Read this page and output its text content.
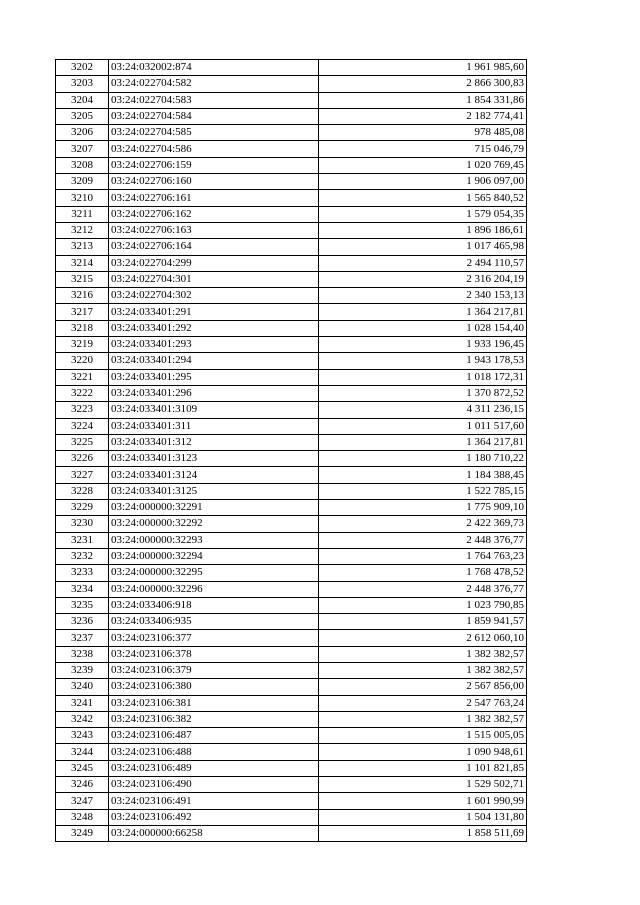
3202	03:24:032002:874	1 961 985,60
3203	03:24:022704:582	2 866 300,83
3204	03:24:022704:583	1 854 331,86
3205	03:24:022704:584	2 182 774,41
3206	03:24:022704:585	978 485,08
3207	03:24:022704:586	715 046,79
3208	03:24:022706:159	1 020 769,45
3209	03:24:022706:160	1 906 097,00
3210	03:24:022706:161	1 565 840,52
3211	03:24:022706:162	1 579 054,35
3212	03:24:022706:163	1 896 186,61
3213	03:24:022706:164	1 017 465,98
3214	03:24:022704:299	2 494 110,57
3215	03:24:022704:301	2 316 204,19
3216	03:24:022704:302	2 340 153,13
3217	03:24:033401:291	1 364 217,81
3218	03:24:033401:292	1 028 154,40
3219	03:24:033401:293	1 933 196,45
3220	03:24:033401:294	1 943 178,53
3221	03:24:033401:295	1 018 172,31
3222	03:24:033401:296	1 370 872,52
3223	03:24:033401:3109	4 311 236,15
3224	03:24:033401:311	1 011 517,60
3225	03:24:033401:312	1 364 217,81
3226	03:24:033401:3123	1 180 710,22
3227	03:24:033401:3124	1 184 388,45
3228	03:24:033401:3125	1 522 785,15
3229	03:24:000000:32291	1 775 909,10
3230	03:24:000000:32292	2 422 369,73
3231	03:24:000000:32293	2 448 376,77
3232	03:24:000000:32294	1 764 763,23
3233	03:24:000000:32295	1 768 478,52
3234	03:24:000000:32296	2 448 376,77
3235	03:24:033406:918	1 023 790,85
3236	03:24:033406:935	1 859 941,57
3237	03:24:023106:377	2 612 060,10
3238	03:24:023106:378	1 382 382,57
3239	03:24:023106:379	1 382 382,57
3240	03:24:023106:380	2 567 856,00
3241	03:24:023106:381	2 547 763,24
3242	03:24:023106:382	1 382 382,57
3243	03:24:023106:487	1 515 005,05
3244	03:24:023106:488	1 090 948,61
3245	03:24:023106:489	1 101 821,85
3246	03:24:023106:490	1 529 502,71
3247	03:24:023106:491	1 601 990,99
3248	03:24:023106:492	1 504 131,80
3249	03:24:000000:66258	1 858 511,69
